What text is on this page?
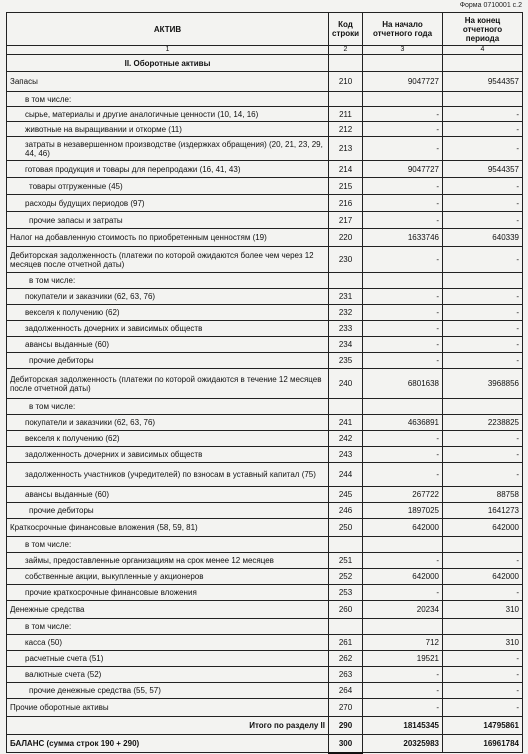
Форма 0710001 с.2
АКТИВ	Код строки	На начало отчетного года	На конец отчетного периода
1	2	3	4
II. Оборотные активы			
Запасы	210	9047727	9544357
в том числе:			
сырье, материалы и другие аналогичные ценности (10, 14, 16)	211	-	-
животные на выращивании и откорме (11)	212	-	-
затраты в незавершенном производстве (издержках обращения) (20, 21, 23, 29, 44, 46)	213	-	-
готовая продукция и товары для перепродажи (16, 41, 43)	214	9047727	9544357
товары отгруженные (45)	215	-	-
расходы будущих периодов (97)	216	-	-
прочие запасы и затраты	217	-	-
Налог на добавленную стоимость по приобретенным ценностям (19)	220	1633746	640339
Дебиторская задолженность (платежи по которой ожидаются более чем через 12 месяцев после отчетной даты)	230	-	-
в том числе:			
покупатели и заказчики (62, 63, 76)	231	-	-
векселя к получению (62)	232	-	-
задолженность дочерних и зависимых обществ	233	-	-
авансы выданные (60)	234	-	-
прочие дебиторы	235	-	-
Дебиторская задолженность (платежи по которой ожидаются в течение 12 месяцев после отчетной даты)	240	6801638	3968856
в том числе:			
покупатели и заказчики (62, 63, 76)	241	4636891	2238825
векселя к получению (62)	242	-	-
задолженность дочерних и зависимых обществ	243	-	-
задолженность участников (учредителей) по взносам в уставный капитал (75)	244	-	-
авансы выданные (60)	245	267722	88758
прочие дебиторы	246	1897025	1641273
Краткосрочные финансовые вложения (58, 59, 81)	250	642000	642000
в том числе:			
займы, предоставленные организациям на срок менее 12 месяцев	251	-	-
собственные акции, выкупленные у акционеров	252	642000	642000
прочие краткосрочные финансовые вложения	253	-	-
Денежные средства	260	20234	310
в том числе:			
касса (50)	261	712	310
расчетные счета (51)	262	19521	-
валютные счета (52)	263	-	-
прочие денежные средства (55, 57)	264	-	-
Прочие оборотные активы	270	-	-
Итого по разделу II	290	18145345	14795861
БАЛАНС (сумма строк 190 + 290)	300	20325983	16961784
